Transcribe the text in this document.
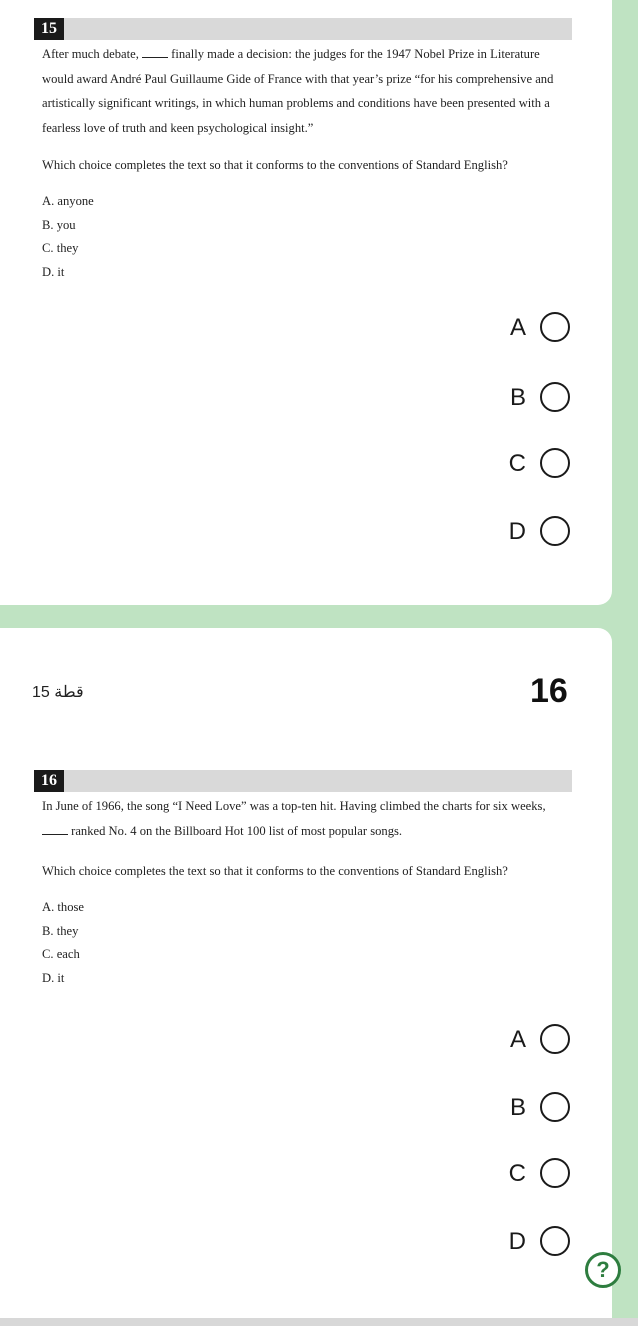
15
After much debate,  finally made a decision: the judges for the 1947 Nobel Prize in Literature would award André Paul Guillaume Gide of France with that year’s prize “for his comprehensive and artistically significant writings, in which human problems and conditions have been presented with a fearless love of truth and keen psychological insight.”
Which choice completes the text so that it conforms to the conventions of Standard English?
A. anyone
B. you
C. they
D. it
A
B
C
D
قطة 15	16
16
In June of 1966, the song “I Need Love” was a top-ten hit. Having climbed the charts for six weeks,  ranked No. 4 on the Billboard Hot 100 list of most popular songs.
Which choice completes the text so that it conforms to the conventions of Standard English?
A. those
B. they
C. each
D. it
A
B
C
D
?
